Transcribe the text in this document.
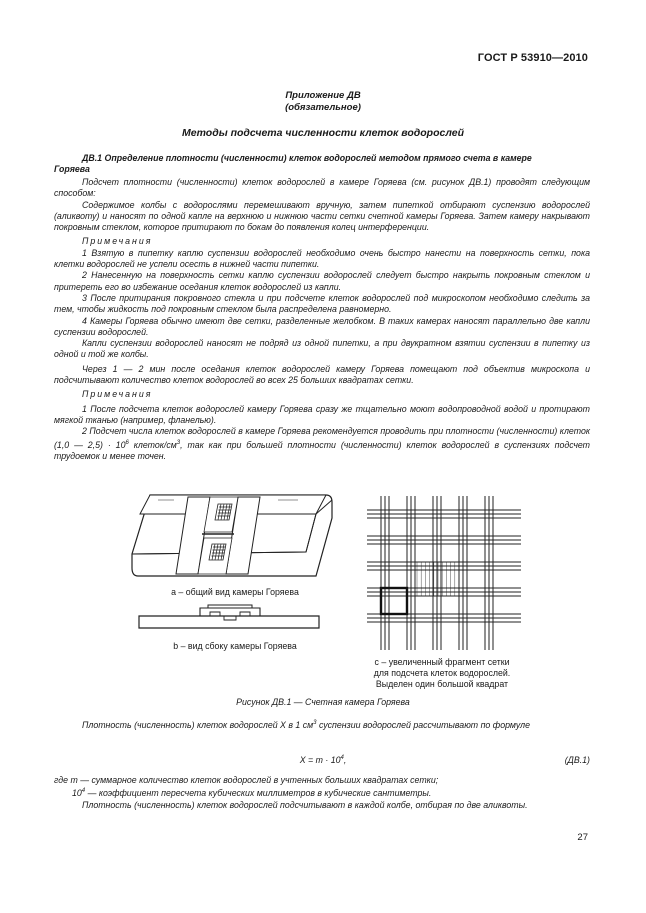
ГОСТ Р 53910—2010
Приложение ДВ
(обязательное)
Методы подсчета численности клеток водорослей
ДВ.1 Определение плотности (численности) клеток водорослей методом прямого счета в камере
Горяева
Подсчет плотности (численности) клеток водорослей в камере Горяева (см. рисунок ДВ.1) проводят следующим способом:
Содержимое колбы с водорослями перемешивают вручную, затем пипеткой отбирают суспензию водорослей (аликвоту) и наносят по одной капле на верхнюю и нижнюю части сетки счетной камеры Горяева. Затем камеру накрывают покровным стеклом, которое притирают по бокам до появления колец интерференции.
Примечания
1 Взятую в пипетку каплю суспензии водорослей необходимо очень быстро нанести на поверхность сетки, пока клетки водорослей не успели осесть в нижней части пипетки.
2 Нанесенную на поверхность сетки каплю суспензии водорослей следует быстро накрыть покровным стеклом и притереть его во избежание оседания клеток водорослей из капли.
3 После притирания покровного стекла и при подсчете клеток водорослей под микроскопом необходимо следить за тем, чтобы жидкость под покровным стеклом была распределена равномерно.
4 Камеры Горяева обычно имеют две сетки, разделенные желобком. В таких камерах наносят параллельно две капли суспензии водорослей.
Капли суспензии водорослей наносят не подряд из одной пипетки, а при двукратном взятии суспензии в пипетку из одной и той же колбы.
Через 1 — 2 мин после оседания клеток водорослей камеру Горяева помещают под объектив микроскопа и подсчитывают количество клеток водорослей во всех 25 больших квадратах сетки.
Примечания
1 После подсчета клеток водорослей камеру Горяева сразу же тщательно моют водопроводной водой и протирают мягкой тканью (например, фланелью).
2 Подсчет числа клеток водорослей в камере Горяева рекомендуется проводить при плотности (численности) клеток (1,0 — $2,5) \cdot 10^6$ клеток/$см^3$, так как при большей плотности (численности) клеток водорослей в суспензиях подсчет трудоемок и менее точен.
а – общий вид камеры Горяева
b – вид сбоку камеры Горяева
с – увеличенный фрагмент сетки
для подсчета клеток водорослей.
Выделен один большой квадрат
Рисунок ДВ.1 — Счетная камера Горяева
Плотность (численность) клеток водорослей X в 1 $см^3$ суспензии водорослей рассчитывают по формуле
$X = m \cdot 10^4$,	(ДВ.1)
где m — суммарное количество клеток водорослей в учтенных больших квадратах сетки;
$10^4$ — коэффициент пересчета кубических миллиметров в кубические сантиметры.
Плотность (численность) клеток водорослей подсчитывают в каждой колбе, отбирая по две аликвоты.
27
